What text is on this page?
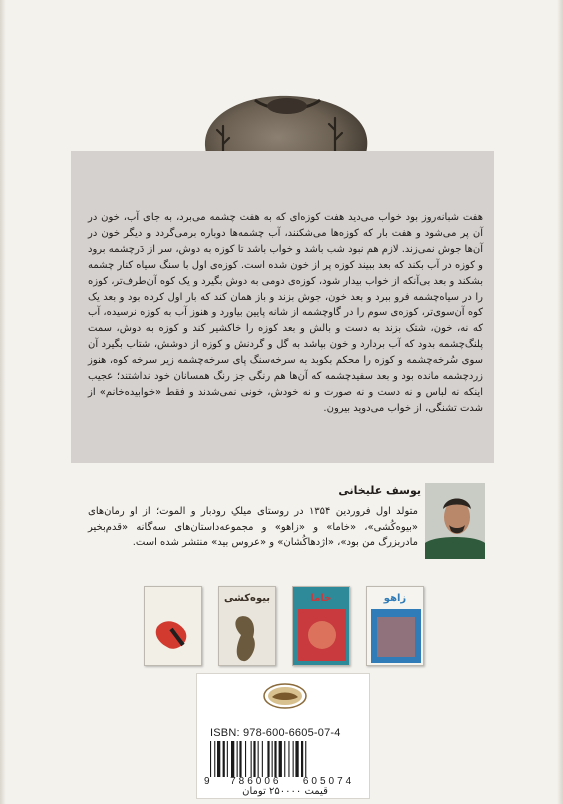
هفت شبانه‌روز بود خواب می‌دید هفت کوزه‌ای که به هفت چشمه می‌برد، به جای آب، خون در آن پر می‌شود و هفت بار که کوزه‌ها می‌شکنند، آب چشمه‌ها دوباره برمی‌گردد و دیگر خون در آن‌ها جوش نمی‌زند. لازم هم نبود شب باشد و خواب باشد تا کوزه به دوش، سر از دَرچشمه برود و کوزه در آب بکند که بعد ببیند کوزه پر از خون شده است. کوزه‌ی اول با سنگ سیاه کنار چشمه بشکند و بعد بی‌آنکه از خواب بیدار شود، کوزه‌ی دومی به دوش بگیرد و یک کوه آن‌طرف‌تر، کوزه را در سیاه‌چشمه فرو ببرد و بعد خون، جوش بزند و باز همان کند که بار اول کرده بود و بعد یک کوه آن‌سوی‌تر، کوزه‌ی سوم را در گاوچشمه از شانه پایین بیاورد و هنوز آب به کوزه نرسیده، آب که نه، خون، شتک بزند به دست و بالش و بعد کوزه را خاکشیر کند و کوزه به دوش، سمت پلنگ‌چشمه بدود که آب بردارد و خون بپاشد به گل و گردنش و کوزه از دوشش، شتاب بگیرد آن سوی سُرخه‌چشمه و کوزه را محکم بکوبد به سرخه‌سنگ پای سرخه‌چشمه زیر سرخه کوه، هنوز زردچشمه مانده بود و بعد سفیدچشمه که آن‌ها هم رنگی جز رنگ همسانان خود نداشتند؛ عجیب اینکه نه لباس و نه دست و نه صورت و نه خودش، خونی نمی‌شدند و فقط «خوابیده‌خانم» از شدت تشنگی، از خواب می‌دوید بیرون.

یوسف علیخانی

متولد اول فروردین ۱۳۵۴ در روستای میلکِ رودبار و الموت؛ از او رمان‌های «بیوه‌کُشی»، «خاما» و «زاهو» و مجموعه‌داستان‌های سه‌گانه «قدم‌بخیر مادربزرگ من بود»، «اژدهاکُشان» و «عروس بید» منتشر شده است.

زاهو
خاما
بیوه‌کشی
ISBN: 978-600-6605-07-4
9 786006 605074
قیمت ۲۵۰۰۰۰ تومان
